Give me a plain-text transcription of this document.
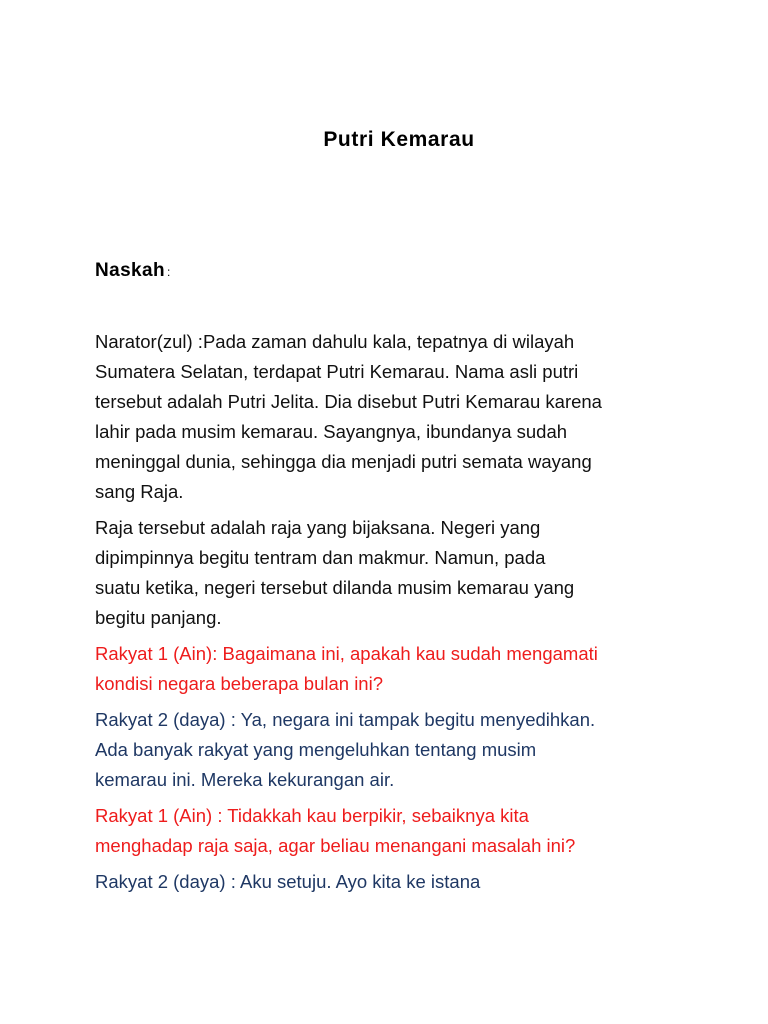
Putri Kemarau
Naskah :

Narator(zul) :Pada zaman dahulu kala, tepatnya di wilayah
Sumatera Selatan, terdapat Putri Kemarau. Nama asli putri
tersebut adalah Putri Jelita. Dia disebut Putri Kemarau karena
lahir pada musim kemarau. Sayangnya, ibundanya sudah
meninggal dunia, sehingga dia menjadi putri semata wayang
sang Raja.

Raja tersebut adalah raja yang bijaksana. Negeri yang
dipimpinnya begitu tentram dan makmur. Namun, pada
suatu ketika, negeri tersebut dilanda musim kemarau yang
begitu panjang.

Rakyat 1 (Ain): Bagaimana ini, apakah kau sudah mengamati
kondisi negara beberapa bulan ini?

Rakyat 2 (daya) : Ya, negara ini tampak begitu menyedihkan.
Ada banyak rakyat yang mengeluhkan tentang musim
kemarau ini. Mereka kekurangan air.

Rakyat 1 (Ain) : Tidakkah kau berpikir, sebaiknya kita
menghadap raja saja, agar beliau menangani masalah ini?

Rakyat 2 (daya) : Aku setuju. Ayo kita ke istana
